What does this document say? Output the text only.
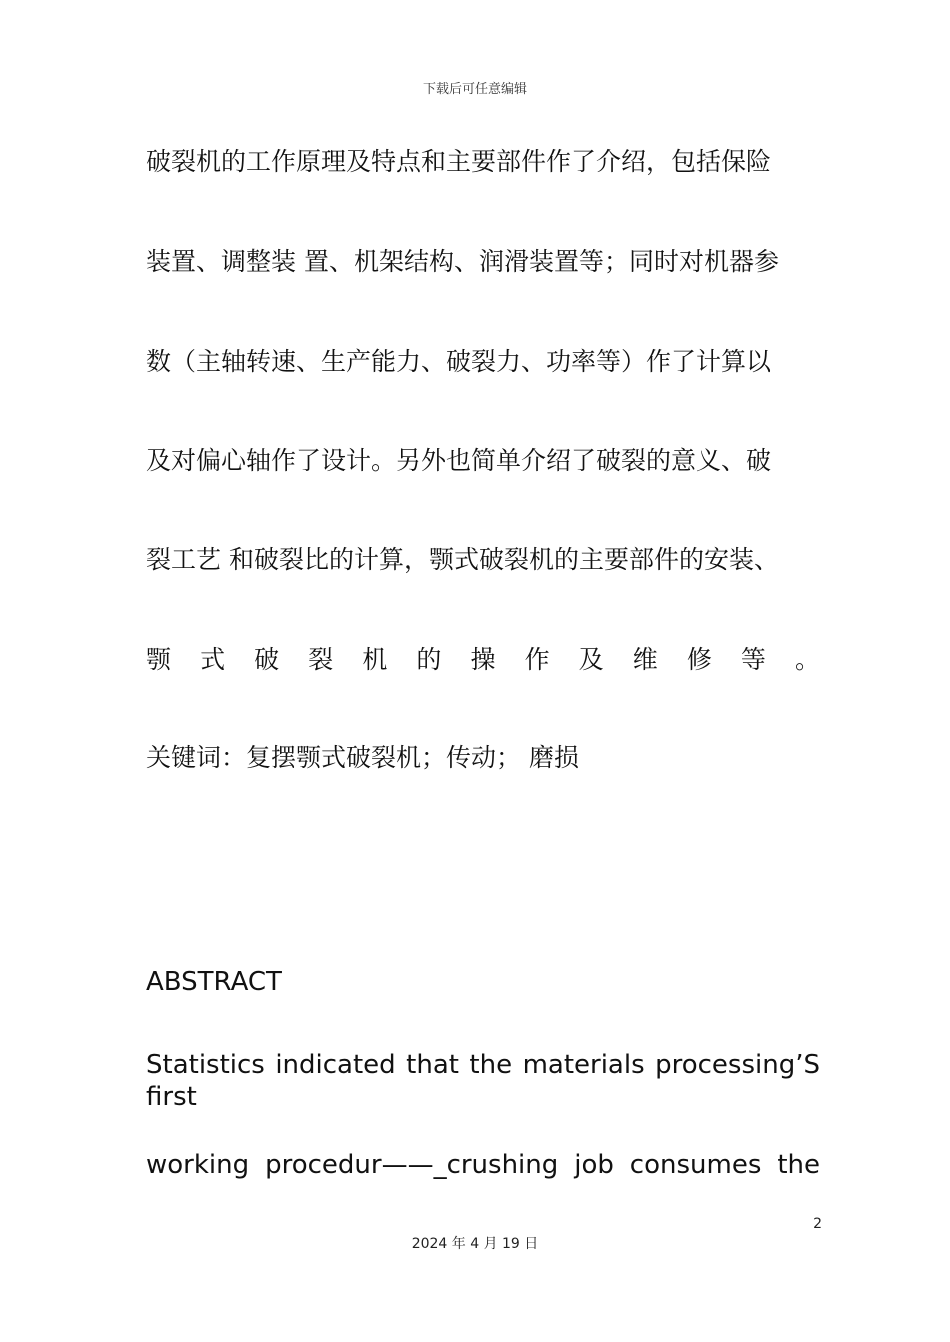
下载后可任意编辑
破裂机的工作原理及特点和主要部件作了介绍，包括保险
装置、调整装 置、机架结构、润滑装置等；同时对机器参
数（主轴转速、生产能力、破裂力、功率等）作了计算以
及对偏心轴作了设计。另外也简单介绍了破裂的意义、破
裂工艺 和破裂比的计算，颚式破裂机的主要部件的安装、
颚 式 破 裂 机 的 操 作 及 维 修 等 。
关键词：复摆颚式破裂机；传动； 磨损
ABSTRACT
Statistics indicated that the materials processing’S first
working procedur——_crushing job consumes the
2
2024 年 4 月 19 日
